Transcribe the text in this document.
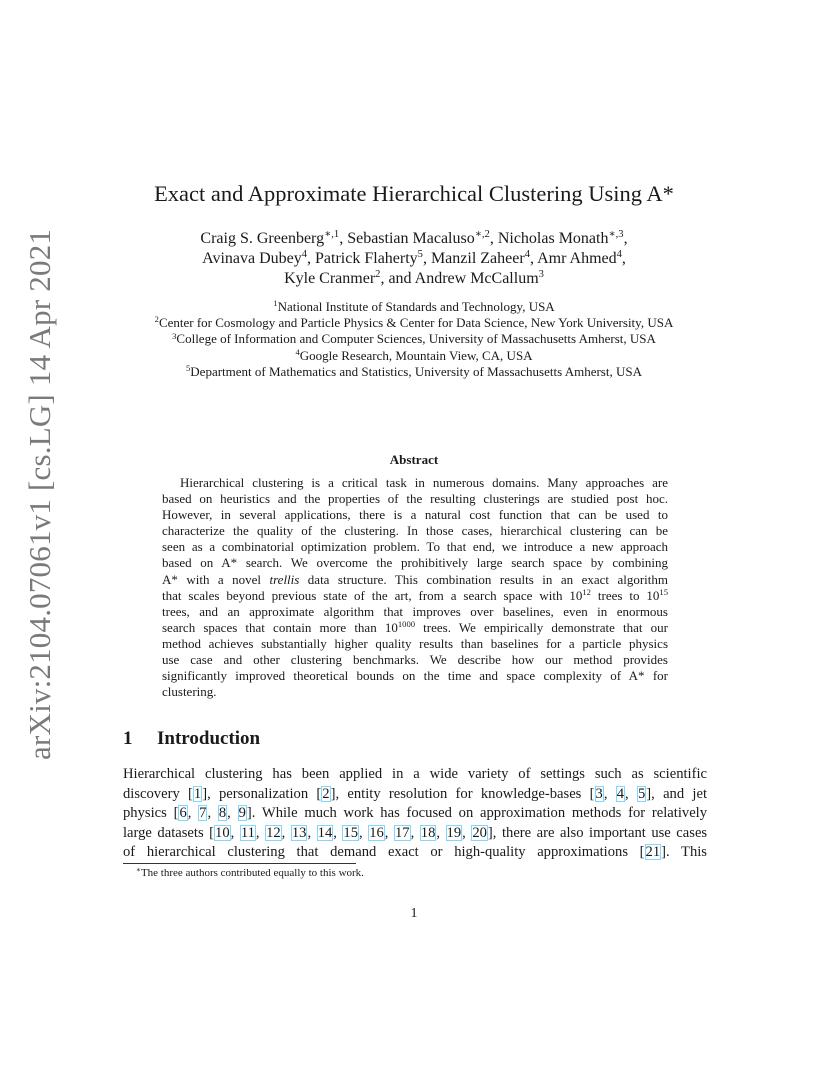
arXiv:2104.07061v1 [cs.LG] 14 Apr 2021
Exact and Approximate Hierarchical Clustering Using A*
Craig S. Greenberg$^{∗,1}$, Sebastian Macaluso$^{∗,2}$, Nicholas Monath$^{∗,3}$,
Avinava Dubey$^4$, Patrick Flaherty$^5$, Manzil Zaheer$^4$, Amr Ahmed$^4$,
Kyle Cranmer$^2$, and Andrew McCallum$^3$
$^1$National Institute of Standards and Technology, USA
$^2$Center for Cosmology and Particle Physics & Center for Data Science, New York University, USA
$^3$College of Information and Computer Sciences, University of Massachusetts Amherst, USA
$^4$Google Research, Mountain View, CA, USA
$^5$Department of Mathematics and Statistics, University of Massachusetts Amherst, USA
Abstract
Hierarchical clustering is a critical task in numerous domains. Many approaches are
based on heuristics and the properties of the resulting clusterings are studied post hoc.
However, in several applications, there is a natural cost function that can be used to
characterize the quality of the clustering. In those cases, hierarchical clustering can be
seen as a combinatorial optimization problem. To that end, we introduce a new approach
based on A* search. We overcome the prohibitively large search space by combining
A* with a novel trellis data structure. This combination results in an exact algorithm
that scales beyond previous state of the art, from a search space with $10^{12}$ trees to $10^{15}$
trees, and an approximate algorithm that improves over baselines, even in enormous
search spaces that contain more than $10^{1000}$ trees. We empirically demonstrate that our
method achieves substantially higher quality results than baselines for a particle physics
use case and other clustering benchmarks. We describe how our method provides
significantly improved theoretical bounds on the time and space complexity of A* for
clustering.
1 Introduction
Hierarchical clustering has been applied in a wide variety of settings such as scientific
discovery [1], personalization [2], entity resolution for knowledge-bases [3, 4, 5], and jet
physics [6, 7, 8, 9]. While much work has focused on approximation methods for relatively
large datasets [10, 11, 12, 13, 14, 15, 16, 17, 18, 19, 20], there are also important use cases
of hierarchical clustering that demand exact or high-quality approximations [21]. This
∗The three authors contributed equally to this work.
1
